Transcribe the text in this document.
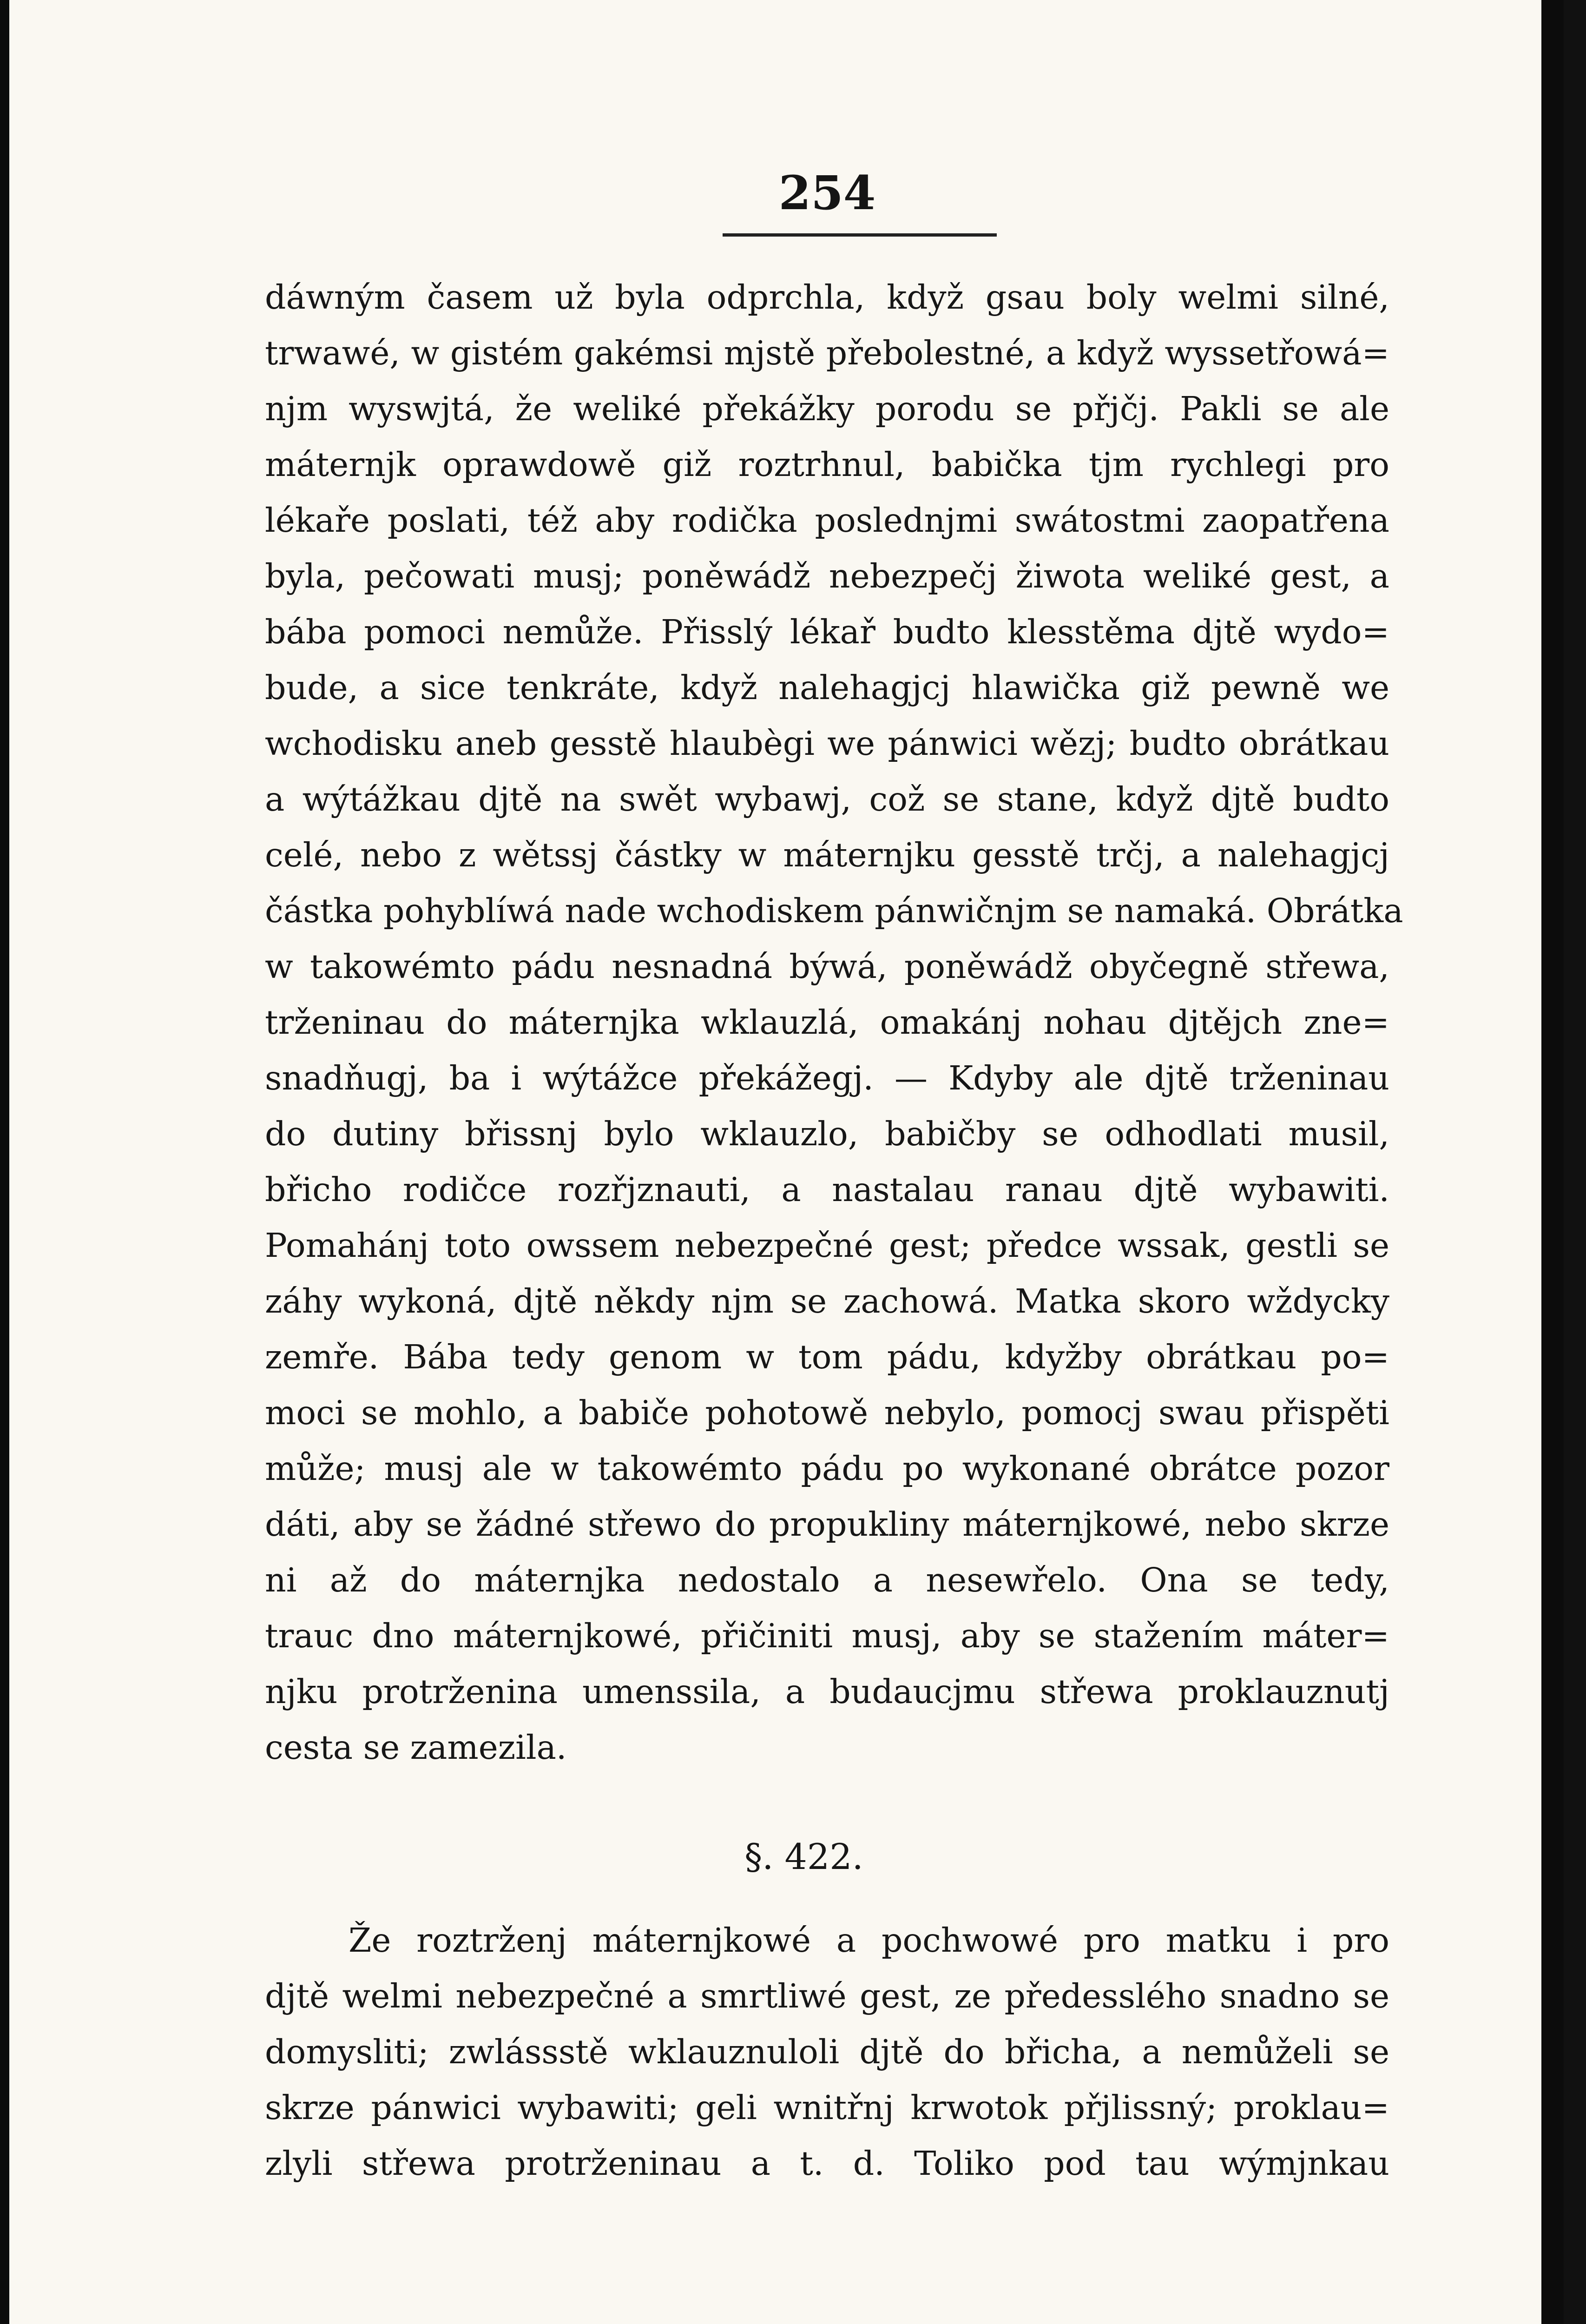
254
dáwným časem už byla odprchla, když gsau boly welmi silné,
trwawé, w gistém gakémsi mjstě přebolestné, a když wyssetřowá=
njm wyswjtá, že weliké překážky porodu se přjčj. Pakli se ale
máternjk oprawdowě giž roztrhnul, babička tjm rychlegi pro
lékaře poslati, též aby rodička poslednjmi swátostmi zaopatřena
byla, pečowati musj; poněwádž nebezpečj žiwota weliké gest, a
bába pomoci nemůže. Přisslý lékař budto klesstěma djtě wydo=
bude, a sice tenkráte, když nalehagjcj hlawička giž pewně we
wchodisku aneb gesstě hlaubègi we pánwici wězj; budto obrátkau
a wýtážkau djtě na swět wybawj, což se stane, když djtě budto
celé, nebo z wětssj částky w máternjku gesstě trčj, a nalehagjcj
částka pohyblíwá nade wchodiskem pánwičnjm se namaká. Obrátka
w takowémto pádu nesnadná býwá, poněwádž obyčegně střewa,
trženinau do máternjka wklauzlá, omakánj nohau djtějch zne=
snadňugj, ba i wýtážce překážegj. — Kdyby ale djtě trženinau
do dutiny břissnj bylo wklauzlo, babičby se odhodlati musil,
břicho rodičce rozřjznauti, a nastalau ranau djtě wybawiti.
Pomahánj toto owssem nebezpečné gest; předce wssak, gestli se
záhy wykoná, djtě někdy njm se zachowá. Matka skoro wždycky
zemře. Bába tedy genom w tom pádu, kdyžby obrátkau po=
moci se mohlo, a babiče pohotowě nebylo, pomocj swau přispěti
může; musj ale w takowémto pádu po wykonané obrátce pozor
dáti, aby se žádné střewo do propukliny máternjkowé, nebo skrze
ni až do máternjka nedostalo a nesewřelo. Ona se tedy,
trauc dno máternjkowé, přičiniti musj, aby se stažením máter=
njku protrženina umenssila, a budaucjmu střewa proklauznutj
cesta se zamezila.
§. 422.
Že roztrženj máternjkowé a pochwowé pro matku i pro
djtě welmi nebezpečné a smrtliwé gest, ze předesslého snadno se
domysliti; zwlássstě wklauznuloli djtě do břicha, a nemůželi se
skrze pánwici wybawiti; geli wnitřnj krwotok přjlissný; proklau=
zlyli střewa protrženinau a t. d. Toliko pod tau wýmjnkau
